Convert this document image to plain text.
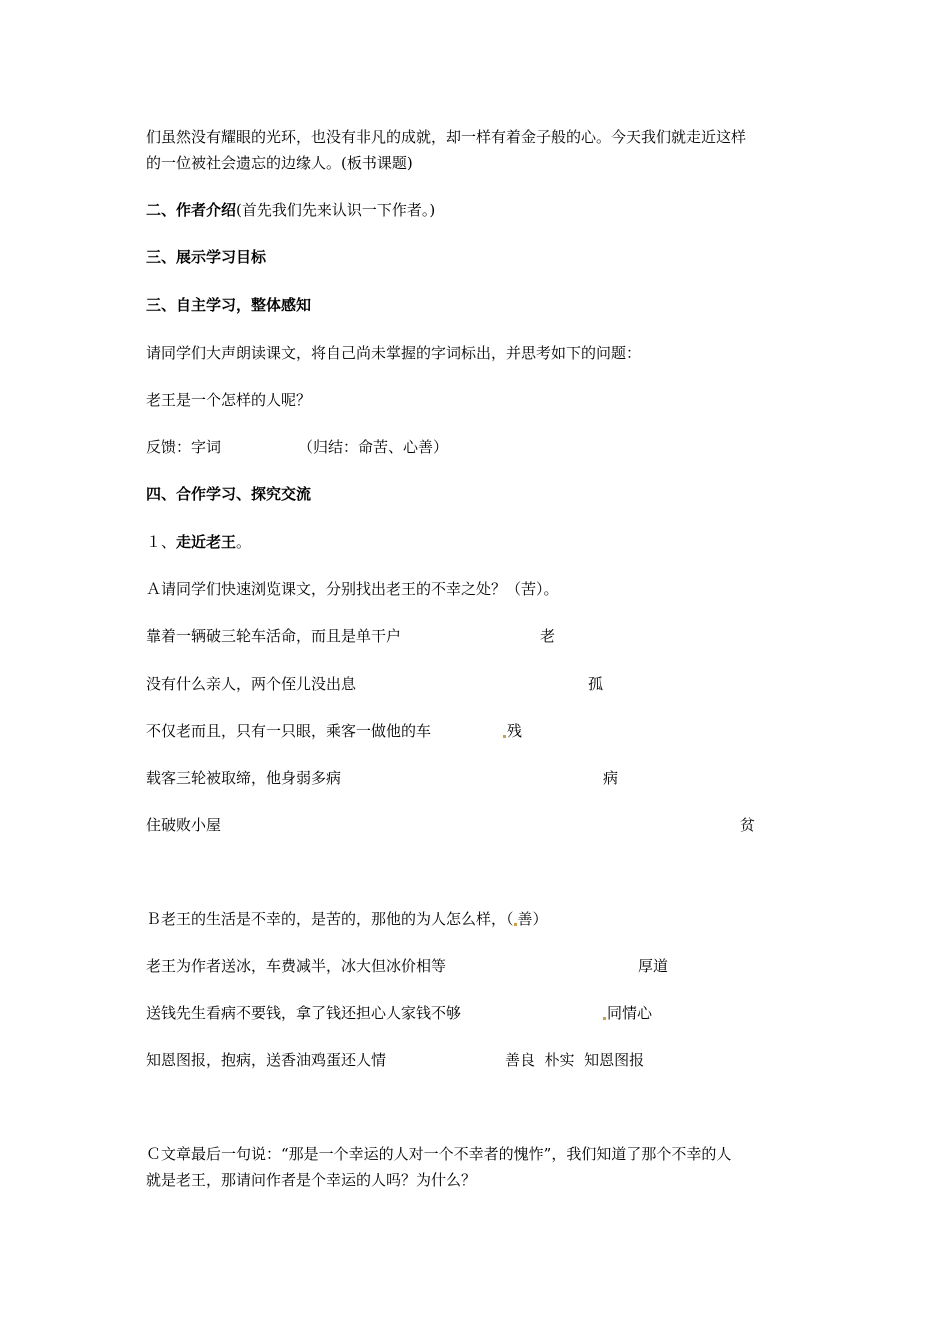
们虽然没有耀眼的光环，也没有非凡的成就，却一样有着金子般的心。今天我们就走近这样
的一位被社会遗忘的边缘人。(板书课题)
二、作者介绍(首先我们先来认识一下作者。)
三、展示学习目标
三、自主学习，整体感知
请同学们大声朗读课文，将自己尚未掌握的字词标出，并思考如下的问题：
老王是一个怎样的人呢？
反馈：字词	（归结：命苦、心善）
四、合作学习、探究交流
１、走近老王。
Ａ请同学们快速浏览课文，分别找出老王的不幸之处？（苦）。
靠着一辆破三轮车活命，而且是单干户	老
没有什么亲人，两个侄儿没出息	孤
不仅老而且，只有一只眼，乘客一做他的车	残
载客三轮被取缔，他身弱多病	病
住破败小屋	贫
Ｂ老王的生活是不幸的，是苦的，那他的为人怎么样，（ 善）
老王为作者送冰，车费减半，冰大但冰价相等	厚道
送钱先生看病不要钱，拿了钱还担心人家钱不够	同情心
知恩图报，抱病，送香油鸡蛋还人情	善良  朴实  知恩图报
Ｃ文章最后一句说：“那是一个幸运的人对一个不幸者的愧怍”，我们知道了那个不幸的人
就是老王，那请问作者是个幸运的人吗？为什么？
